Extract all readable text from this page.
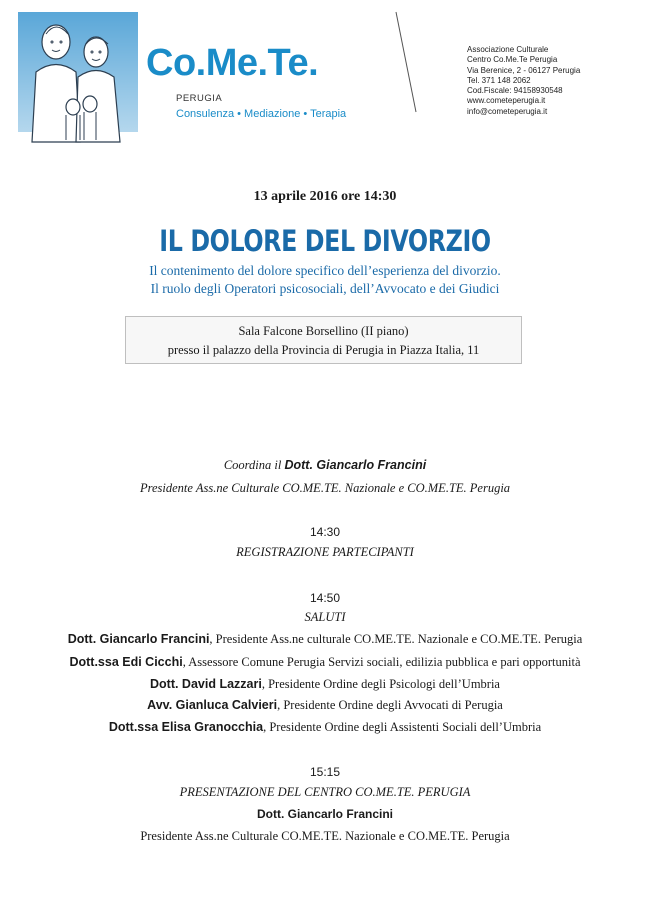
Co.Me.Te.
PERUGIA
Consulenza • Mediazione • Terapia
Associazione Culturale
Centro Co.Me.Te Perugia
Via Berenice, 2 - 06127 Perugia
Tel. 371 148 2062
Cod.Fiscale: 94158930548
www.cometeperugia.it
info@cometeperugia.it
13 aprile 2016 ore 14:30
IL DOLORE DEL DIVORZIO
Il contenimento del dolore specifico dell’esperienza del divorzio.
Il ruolo degli Operatori psicosociali, dell’Avvocato e dei Giudici
Sala Falcone Borsellino (II piano)
presso il palazzo della Provincia di Perugia in Piazza Italia, 11
Coordina il Dott. Giancarlo Francini
Presidente Ass.ne Culturale CO.ME.TE. Nazionale e CO.ME.TE. Perugia
14:30
REGISTRAZIONE PARTECIPANTI
14:50
SALUTI
Dott. Giancarlo Francini, Presidente Ass.ne culturale CO.ME.TE. Nazionale e CO.ME.TE. Perugia
Dott.ssa Edi Cicchi, Assessore Comune Perugia Servizi sociali, edilizia pubblica e pari opportunità
Dott. David Lazzari, Presidente Ordine degli Psicologi dell’Umbria
Avv. Gianluca Calvieri, Presidente Ordine degli Avvocati di Perugia
Dott.ssa Elisa Granocchia, Presidente Ordine degli Assistenti Sociali dell’Umbria
15:15
PRESENTAZIONE DEL CENTRO CO.ME.TE. PERUGIA
Dott. Giancarlo Francini
Presidente Ass.ne Culturale CO.ME.TE. Nazionale e CO.ME.TE. Perugia
